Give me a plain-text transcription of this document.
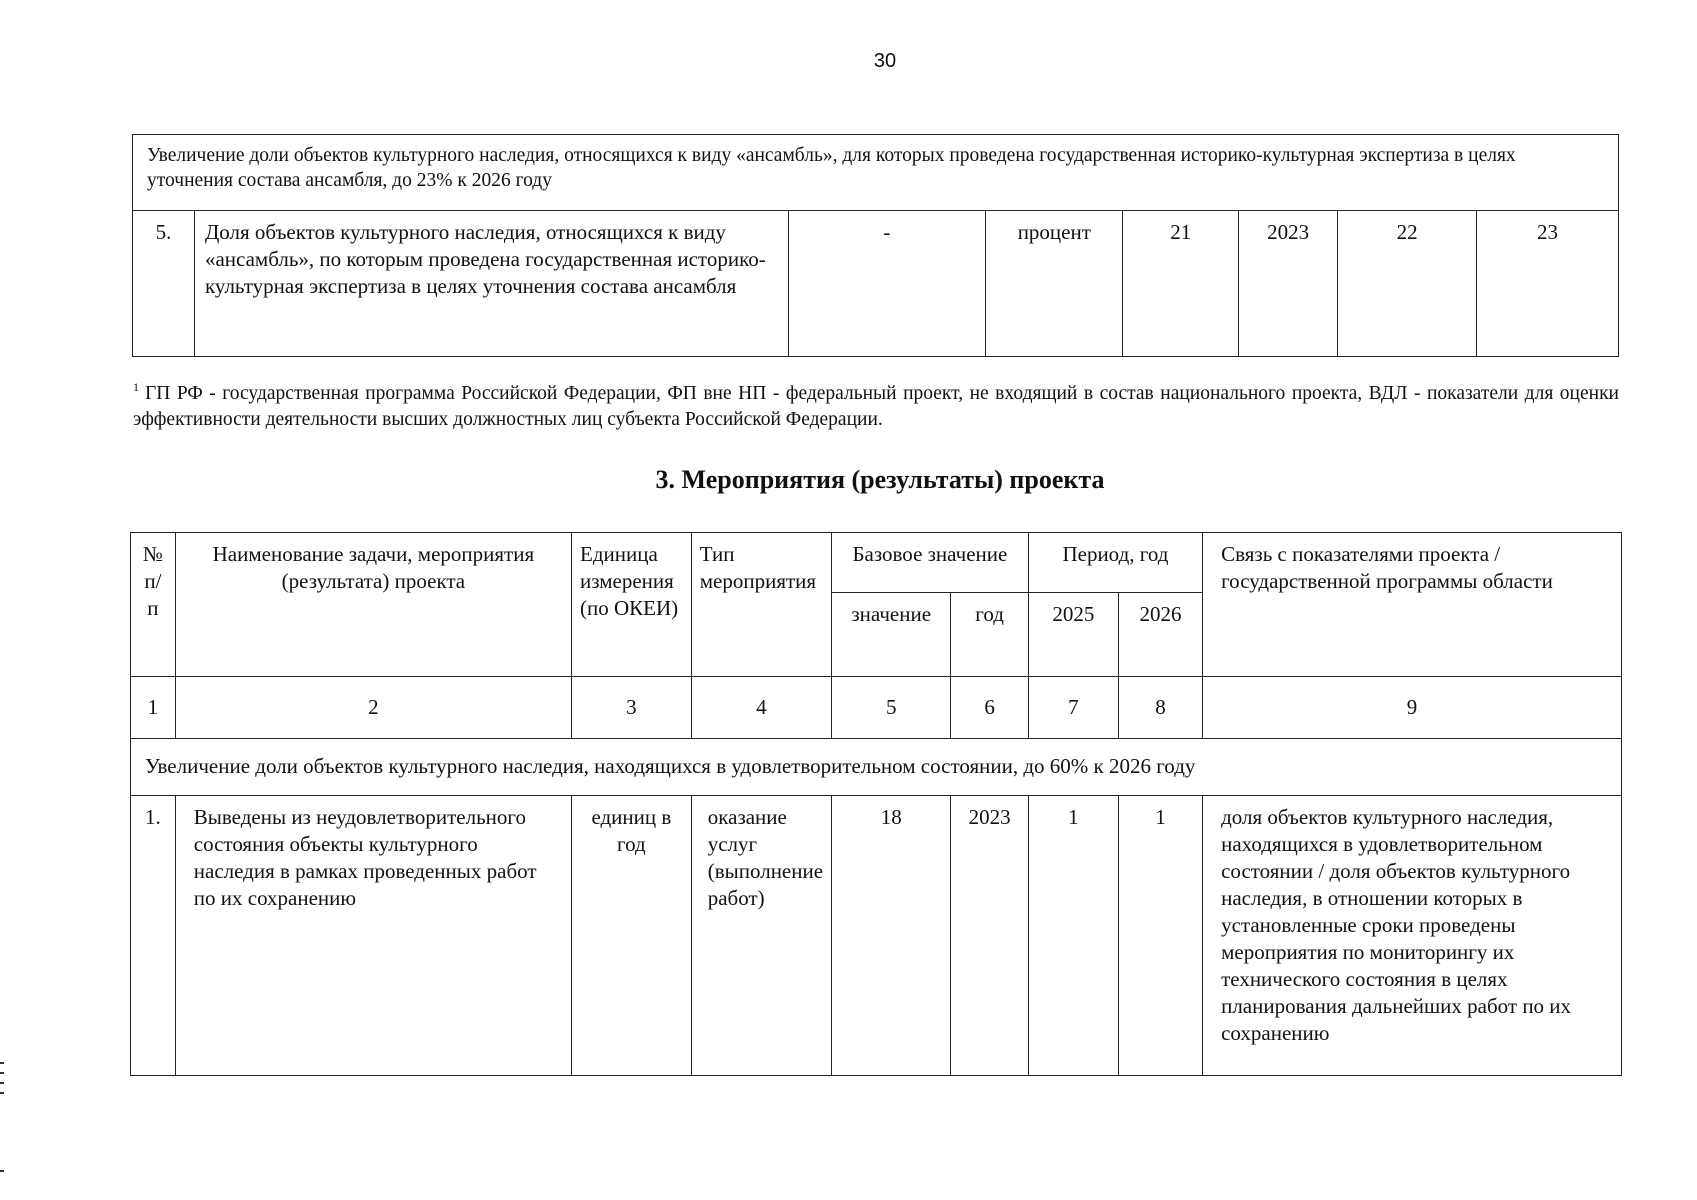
30
Увеличение доли объектов культурного наследия, относящихся к виду «ансамбль», для которых проведена государственная историко-культурная экспертиза в целях уточнения состава ансамбля, до 23% к 2026 году
5.	Доля объектов культурного наследия, относящихся к виду «ансамбль», по которым проведена государственная историко-культурная экспертиза в целях уточнения состава ансамбля	-	процент	21	2023	22	23
$^1$ ГП РФ - государственная программа Российской Федерации, ФП вне НП - федеральный проект, не входящий в состав национального проекта, ВДЛ - показатели для оценки эффективности деятельности высших должностных лиц субъекта Российской Федерации.
3. Мероприятия (результаты) проекта
№ п/п	Наименование задачи, мероприятия (результата) проекта	Единица измерения (по ОКЕИ)	Тип мероприятия	Базовое значение		Период, год		Связь с показателями проекта / государственной программы области
				значение	год	2025	2026	
1	2	3	4	5	6	7	8	9
Увеличение доли объектов культурного наследия, находящихся в удовлетворительном состоянии, до 60% к 2026 году								
1.	Выведены из неудовлетворительного состояния объекты культурного наследия в рамках проведенных работ по их сохранению	единиц в год	оказание услуг (выполнение работ)	18	2023	1	1	доля объектов культурного наследия, находящихся в удовлетворительном состоянии / доля объектов культурного наследия, в отношении которых в установленные сроки проведены мероприятия по мониторингу их технического состояния в целях планирования дальнейших работ по их сохранению
